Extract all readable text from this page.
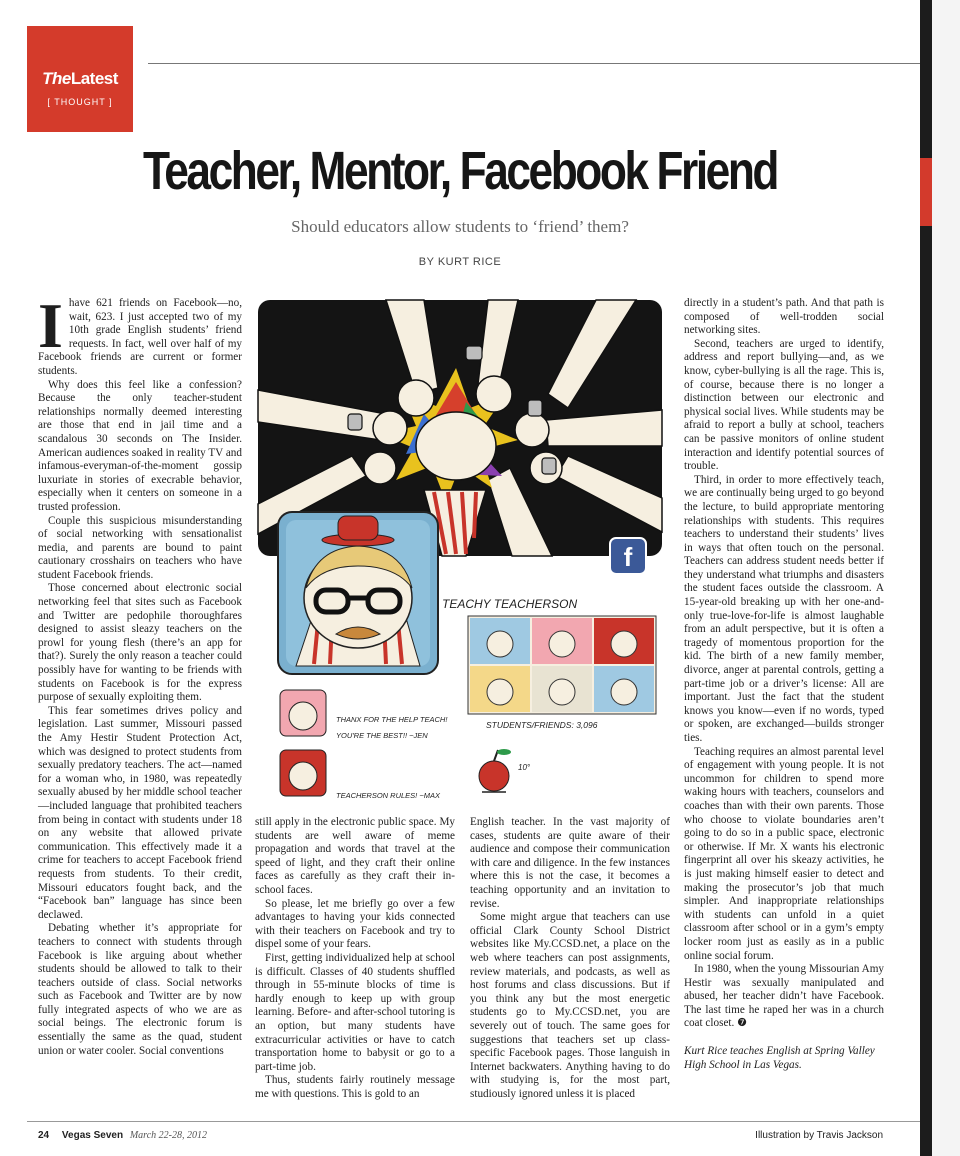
TheLatest
[ THOUGHT ]
Teacher, Mentor, Facebook Friend
Should educators allow students to ‘friend’ them?
BY KURT RICE

Ihave 621 friends on Facebook—no, wait, 623. I just accepted two of my 10th grade English students’ friend requests. In fact, well over half of my Facebook friends are current or former students.

Why does this feel like a confession? Because the only teacher-student relationships normally deemed interesting are those that end in jail time and a scandalous 30 seconds on The Insider. American audiences soaked in reality TV and infamous-everyman-of-the-moment gossip luxuriate in stories of execrable behavior, especially when it centers on someone in a trusted profession.

Couple this suspicious misunderstanding of social networking with sensationalist media, and parents are bound to paint cautionary crosshairs on teachers who have student Facebook friends.

Those concerned about electronic social networking feel that sites such as Facebook and Twitter are pedophile thoroughfares designed to assist sleazy teachers on the prowl for young flesh (there’s an app for that?). Surely the only reason a teacher could possibly have for wanting to be friends with students on Facebook is for the express purpose of sexually exploiting them.

This fear sometimes drives policy and legislation. Last summer, Missouri passed the Amy Hestir Student Protection Act, which was designed to protect students from sexually predatory teachers. The act—named for a woman who, in 1980, was repeatedly sexually abused by her middle school teacher—included language that prohibited teachers from being in contact with students under 18 on any website that allowed private communication. This effectively made it a crime for teachers to accept Facebook friend requests from students. To their credit, Missouri educators fought back, and the “Facebook ban” language has since been declawed.

Debating whether it’s appropriate for teachers to connect with students through Facebook is like arguing about whether students should be allowed to talk to their teachers outside of class. Social networks such as Facebook and Twitter are by now fully integrated aspects of who we are as social beings. The electronic forum is essentially the same as the quad, student union or water cooler. Social conventions

f
TEACHY TEACHERSON
STUDENTS/FRIENDS: 3,096
THANX FOR THE HELP TEACH!
YOU'RE THE BEST!! ~JEN
TEACHERSON RULES! ~MAX
10°

still apply in the electronic public space. My students are well aware of meme propagation and words that travel at the speed of light, and they craft their online faces as carefully as they craft their in-school faces.

So please, let me briefly go over a few advantages to having your kids connected with their teachers on Facebook and try to dispel some of your fears.

First, getting individualized help at school is difficult. Classes of 40 students shuffled through in 55-minute blocks of time is hardly enough to keep up with group learning. Before- and after-school tutoring is an option, but many students have extracurricular activities or have to catch transportation home to babysit or go to a part-time job.

Thus, students fairly routinely message me with questions. This is gold to an

English teacher. In the vast majority of cases, students are quite aware of their audience and compose their communication with care and diligence. In the few instances where this is not the case, it becomes a teaching opportunity and an invitation to revise.

Some might argue that teachers can use official Clark County School District websites like My.CCSD.net, a place on the web where teachers can post assignments, review materials, and podcasts, as well as host forums and class discussions. But if you think any but the most energetic students go to My.CCSD.net, you are severely out of touch. The same goes for suggestions that teachers set up class-specific Facebook pages. Those languish in Internet backwaters. Anything having to do with studying is, for the most part, studiously ignored unless it is placed

directly in a student’s path. And that path is composed of well-trodden social networking sites.

Second, teachers are urged to identify, address and report bullying—and, as we know, cyber-bullying is all the rage. This is, of course, because there is no longer a distinction between our electronic and physical social lives. While students may be afraid to report a bully at school, teachers can be passive monitors of online student interaction and identify potential sources of trouble.

Third, in order to more effectively teach, we are continually being urged to go beyond the lecture, to build appropriate mentoring relationships with students. This requires teachers to understand their students’ lives in ways that often touch on the personal. Teachers can address student needs better if they understand what triumphs and disasters the student faces outside the classroom. A 15-year-old breaking up with her one-and-only true-love-for-life is almost laughable from an adult perspective, but it is often a tragedy of momentous proportion for the kid. The birth of a new family member, divorce, anger at parental controls, getting a part-time job or a driver’s license: All are important. Just the fact that the student knows you know—even if no words, typed or spoken, are exchanged—builds stronger ties.

Teaching requires an almost parental level of engagement with young people. It is not uncommon for children to spend more waking hours with teachers, counselors and coaches than with their own parents. Those who choose to violate boundaries aren’t going to do so in a public space, electronic or otherwise. If Mr. X wants his electronic fingerprint all over his skeazy activities, he is just making himself easier to detect and making the prosecutor’s job that much simpler. And inappropriate relationships with students can unfold in a quiet classroom after school or in a gym’s empty locker room just as easily as in a public online social forum.

In 1980, when the young Missourian Amy Hestir was sexually manipulated and abused, her teacher didn’t have Facebook. The last time he raped her was in a church coat closet. ❼

Kurt Rice teaches English at Spring Valley High School in Las Vegas.

24 Vegas Seven March 22-28, 2012	Illustration by Travis Jackson
